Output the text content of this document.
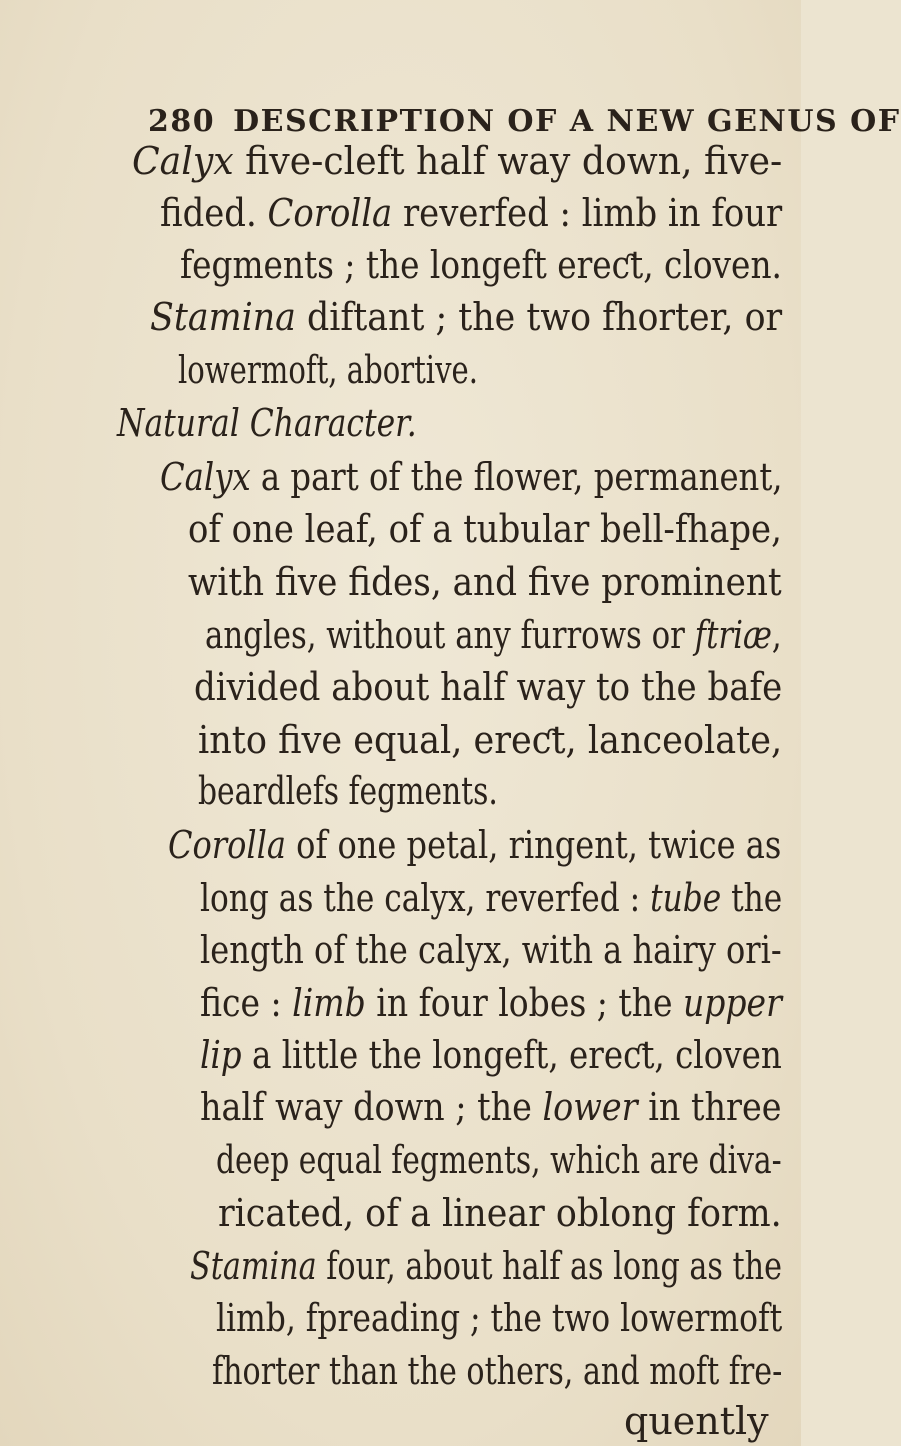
280 DESCRIPTION OF A NEW GENUS OF
Calyx five-cleft half way down, five-
fided. Corolla reverfed : limb in four
fegments ; the longeft ereƈt, cloven.
Stamina diftant ; the two fhorter, or
lowermoft, abortive.
Natural Character.
Calyx a part of the flower, permanent,
of one leaf, of a tubular bell-fhape,
with five fides, and five prominent
angles, without any furrows or ftriæ,
divided about half way to the bafe
into five equal, ereƈt, lanceolate,
beardlefs fegments.
Corolla of one petal, ringent, twice as
long as the calyx, reverfed : tube the
length of the calyx, with a hairy ori-
fice : limb in four lobes ; the upper
lip a little the longeft, ereƈt, cloven
half way down ; the lower in three
deep equal fegments, which are diva-
ricated, of a linear oblong form.
Stamina four, about half as long as the
limb, fpreading ; the two lowermoft
fhorter than the others, and moft fre-
quently
